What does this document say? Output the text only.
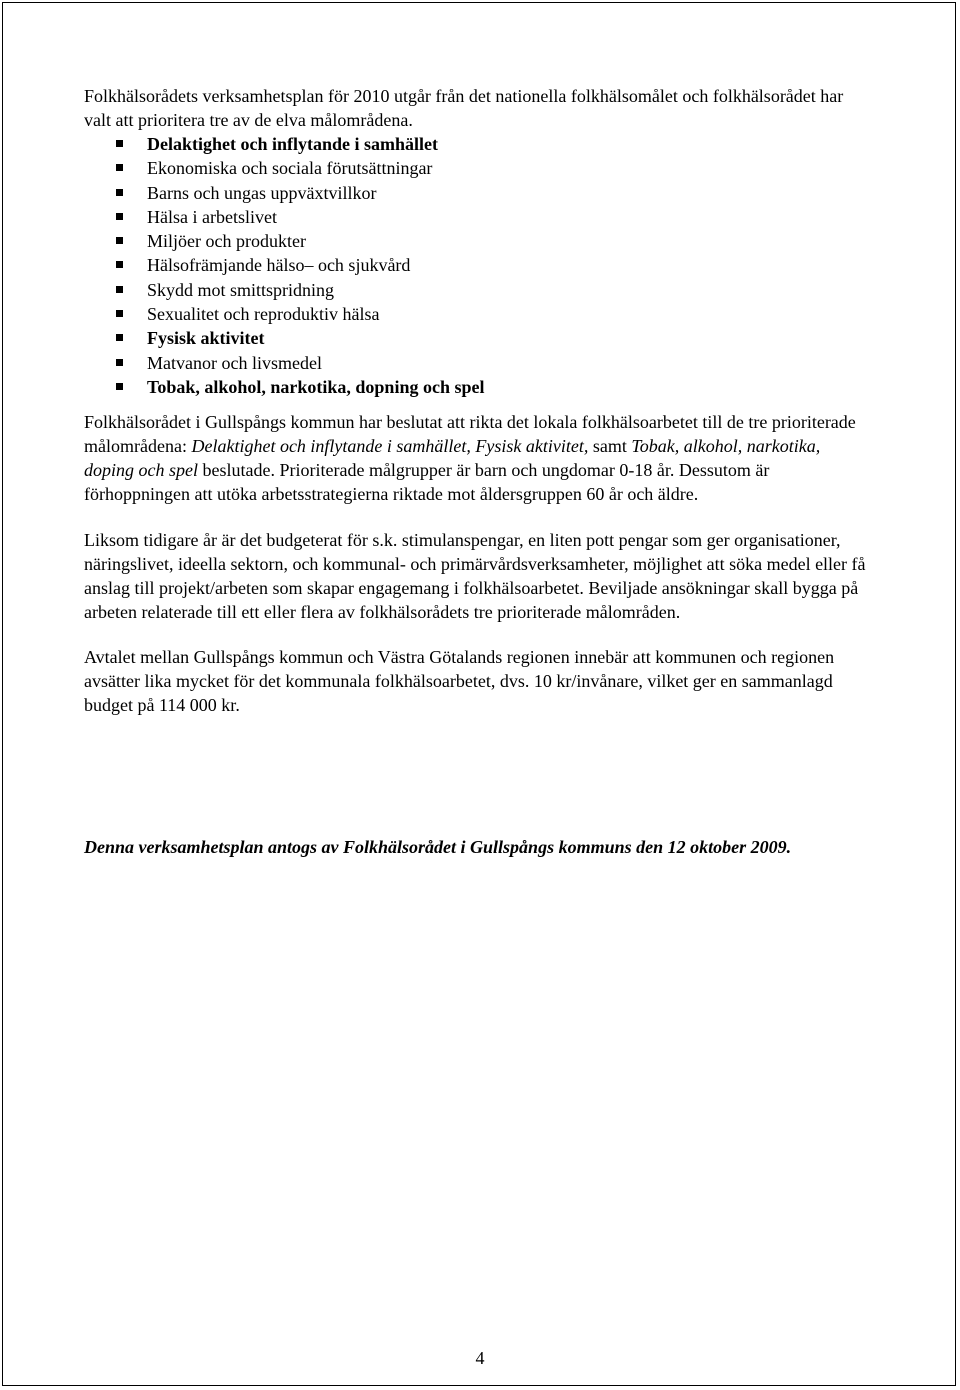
Folkhälsorådets verksamhetsplan för 2010 utgår från det nationella folkhälsomålet och folkhälsorådet har valt att prioritera tre av de elva målområdena.

Delaktighet och inflytande i samhället
Ekonomiska och sociala förutsättningar
Barns och ungas uppväxtvillkor
Hälsa i arbetslivet
Miljöer och produkter
Hälsofrämjande hälso– och sjukvård
Skydd mot smittspridning
Sexualitet och reproduktiv hälsa
Fysisk aktivitet
Matvanor och livsmedel
Tobak, alkohol, narkotika, dopning och spel

Folkhälsorådet i Gullspångs kommun har beslutat att rikta det lokala folkhälsoarbetet till de tre prioriterade målområdena: Delaktighet och inflytande i samhället, Fysisk aktivitet, samt Tobak, alkohol, narkotika, doping och spel beslutade. Prioriterade målgrupper är barn och ungdomar 0-18 år. Dessutom är förhoppningen att utöka arbetsstrategierna riktade mot åldersgruppen 60 år och äldre.

Liksom tidigare år är det budgeterat för s.k. stimulanspengar, en liten pott pengar som ger organisationer, näringslivet, ideella sektorn, och kommunal- och primärvårdsverksamheter, möjlighet att söka medel eller få anslag till projekt/arbeten som skapar engagemang i folkhälsoarbetet. Beviljade ansökningar skall bygga på arbeten relaterade till ett eller flera av folkhälsorådets tre prioriterade målområden.

Avtalet mellan Gullspångs kommun och Västra Götalands regionen innebär att kommunen och regionen avsätter lika mycket för det kommunala folkhälsoarbetet, dvs. 10 kr/invånare, vilket ger en sammanlagd budget på 114 000 kr.

Denna verksamhetsplan antogs av Folkhälsorådet i Gullspångs kommuns den 12 oktober 2009.

4
